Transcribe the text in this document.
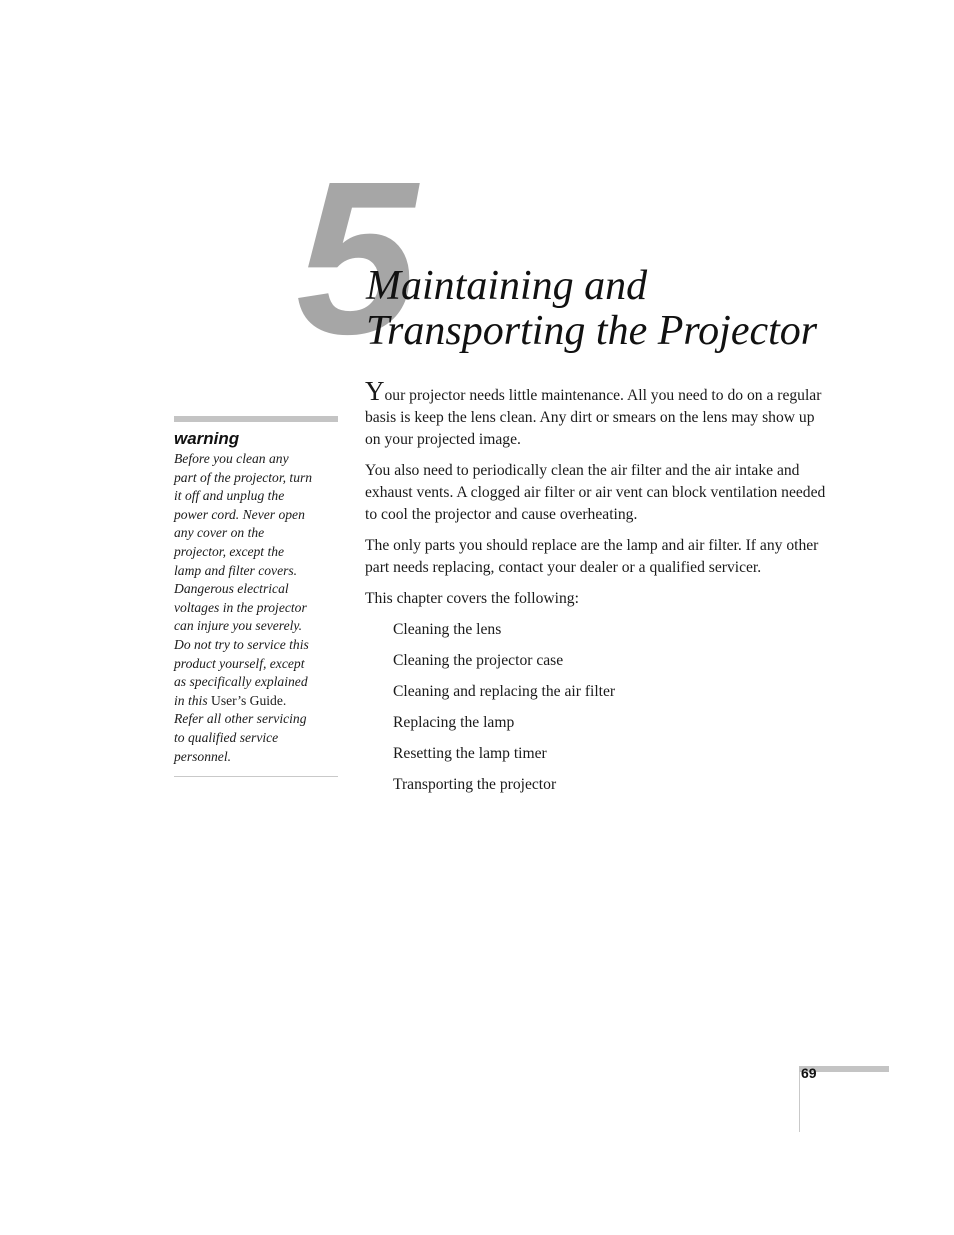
5
Maintaining and
Transporting the Projector
warning
Before you clean any part of the projector, turn it off and unplug the power cord. Never open any cover on the projector, except the lamp and filter covers. Dangerous electrical voltages in the projector can injure you severely. Do not try to service this product yourself, except as specifically explained in this User’s Guide. Refer all other servicing to qualified service personnel.

Your projector needs little maintenance. All you need to do on a regular basis is keep the lens clean. Any dirt or smears on the lens may show up on your projected image.

You also need to periodically clean the air filter and the air intake and exhaust vents. A clogged air filter or air vent can block ventilation needed to cool the projector and cause overheating.

The only parts you should replace are the lamp and air filter. If any other part needs replacing, contact your dealer or a qualified servicer.

This chapter covers the following:

Cleaning the lens
Cleaning the projector case
Cleaning and replacing the air filter
Replacing the lamp
Resetting the lamp timer
Transporting the projector
69
